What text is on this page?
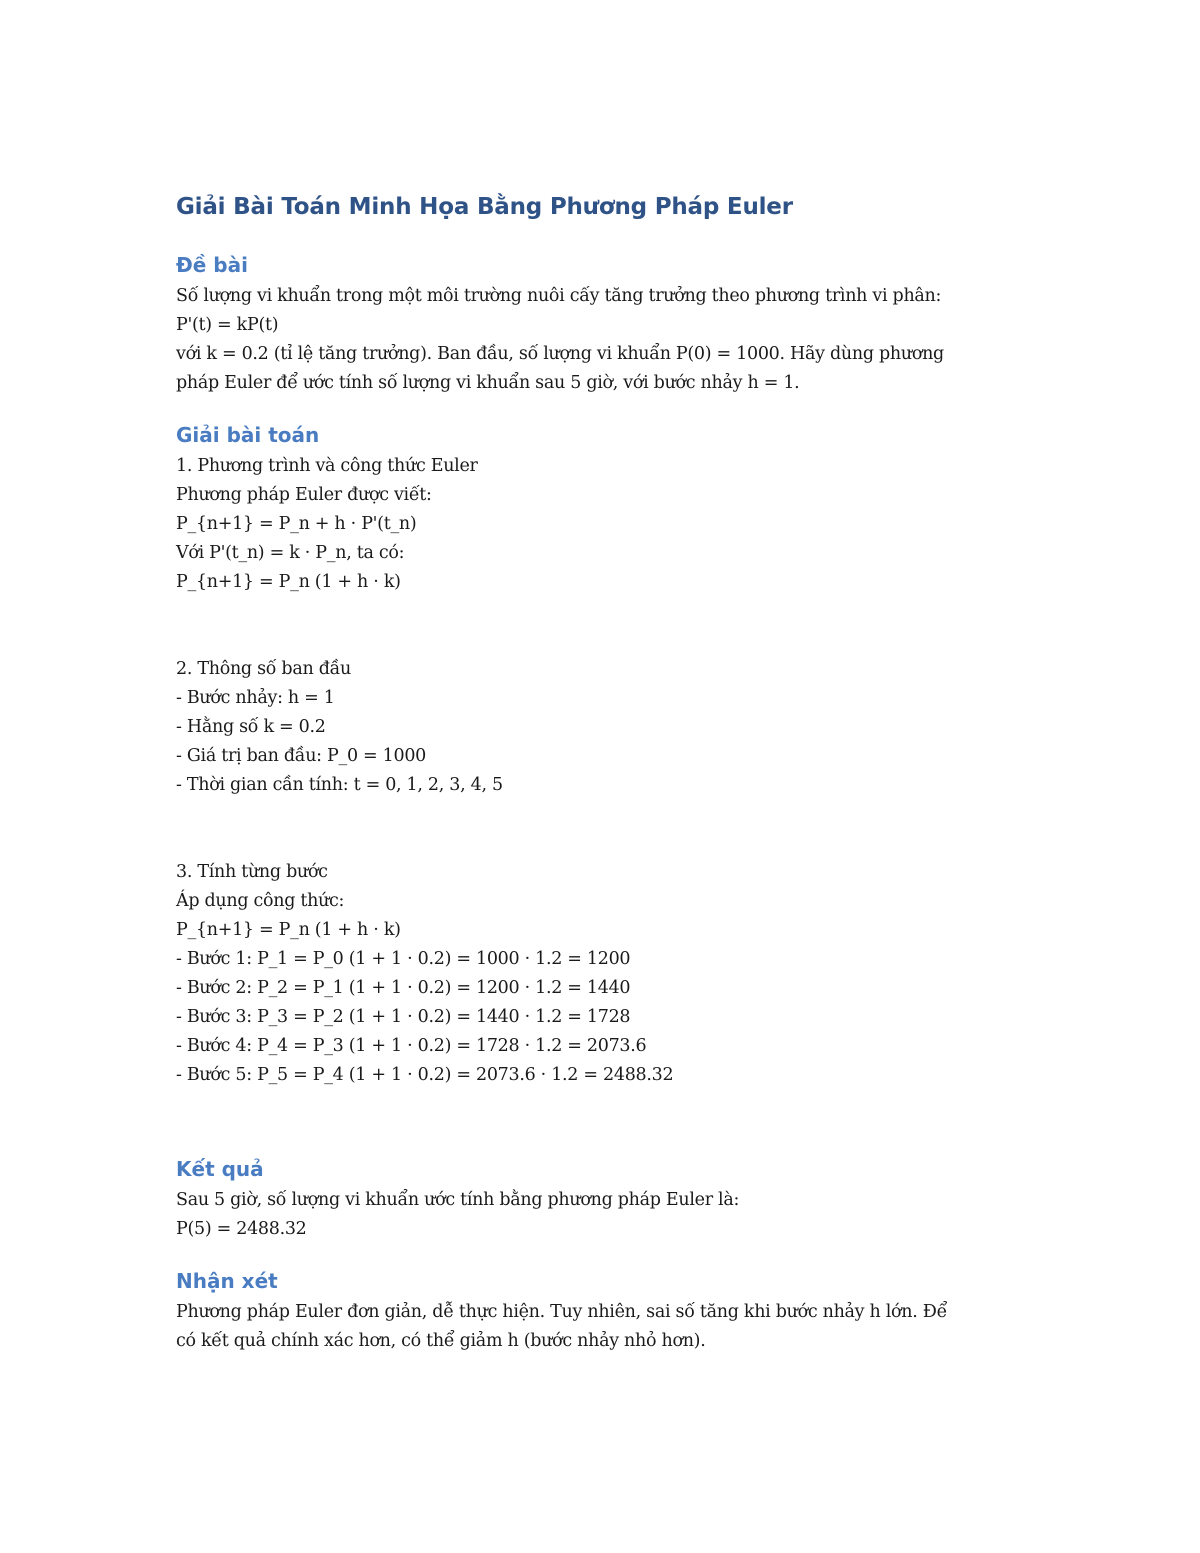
Giải Bài Toán Minh Họa Bằng Phương Pháp Euler
Đề bài
Số lượng vi khuẩn trong một môi trường nuôi cấy tăng trưởng theo phương trình vi phân:
P'(t) = kP(t)
với k = 0.2 (tỉ lệ tăng trưởng). Ban đầu, số lượng vi khuẩn P(0) = 1000. Hãy dùng phương
pháp Euler để ước tính số lượng vi khuẩn sau 5 giờ, với bước nhảy h = 1.
Giải bài toán
1. Phương trình và công thức Euler
Phương pháp Euler được viết:
P_{n+1} = P_n + h · P'(t_n)
Với P'(t_n) = k · P_n, ta có:
P_{n+1} = P_n (1 + h · k)
2. Thông số ban đầu
- Bước nhảy: h = 1
- Hằng số k = 0.2
- Giá trị ban đầu: P_0 = 1000
- Thời gian cần tính: t = 0, 1, 2, 3, 4, 5
3. Tính từng bước
Áp dụng công thức:
P_{n+1} = P_n (1 + h · k)
- Bước 1: P_1 = P_0 (1 + 1 · 0.2) = 1000 · 1.2 = 1200
- Bước 2: P_2 = P_1 (1 + 1 · 0.2) = 1200 · 1.2 = 1440
- Bước 3: P_3 = P_2 (1 + 1 · 0.2) = 1440 · 1.2 = 1728
- Bước 4: P_4 = P_3 (1 + 1 · 0.2) = 1728 · 1.2 = 2073.6
- Bước 5: P_5 = P_4 (1 + 1 · 0.2) = 2073.6 · 1.2 = 2488.32
Kết quả
Sau 5 giờ, số lượng vi khuẩn ước tính bằng phương pháp Euler là:
P(5) = 2488.32
Nhận xét
Phương pháp Euler đơn giản, dễ thực hiện. Tuy nhiên, sai số tăng khi bước nhảy h lớn. Để
có kết quả chính xác hơn, có thể giảm h (bước nhảy nhỏ hơn).
